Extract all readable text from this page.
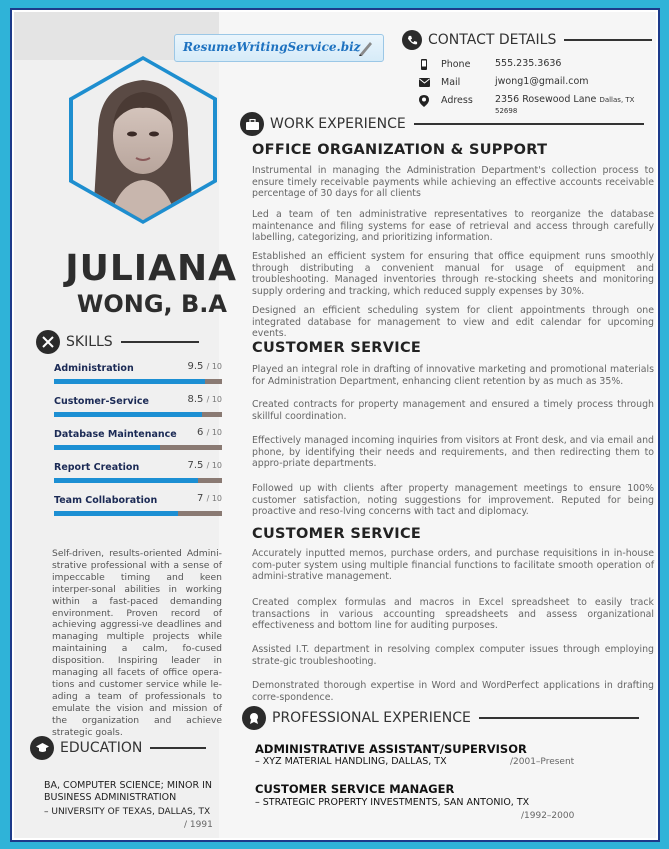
ResumeWritingService.biz
JULIANA
WONG, B.A
CONTACT DETAILS
Phone	555.235.3636
Mail	jwong1@gmail.com
Adress 2356 Rosewood Lane Dallas, TX 52698
WORK EXPERIENCE
OFFICE ORGANIZATION & SUPPORT
Instrumental in managing the Administration Department's collection process to ensure timely receivable payments while achieving an effective accounts receivable percentage of 30 days for all clients
Led a team of ten administrative representatives to reorganize the database maintenance and filing systems for ease of retrieval and access through carefully labelling, categorizing, and prioritizing information.
Established an efficient system for ensuring that office equipment runs smoothly through distributing a convenient manual for usage of equipment and troubleshooting. Managed inventories through re-stocking sheets and monitoring supply ordering and tracking, which reduced supply expenses by 30%.
Designed an efficient scheduling system for client appointments through one integrated database for management to view and edit calendar for upcoming events.
CUSTOMER SERVICE
Played an integral role in drafting of innovative marketing and promotional materials for Administration Department, enhancing client retention by as much as 35%.
Created contracts for property management and ensured a timely process through skillful coordination.
Effectively managed incoming inquiries from visitors at Front desk, and via email and phone, by identifying their needs and requirements, and then redirecting them to appro-priate departments.
Followed up with clients after property management meetings to ensure 100% customer satisfaction, noting suggestions for improvement. Reputed for being proactive and reso-lving concerns with tact and diplomacy.
CUSTOMER SERVICE
Accurately inputted memos, purchase orders, and purchase requisitions in in-house com-puter system using multiple financial functions to facilitate smooth operation of admini-strative management.
Created complex formulas and macros in Excel spreadsheet to easily track transactions in various accounting spreadsheets and assess organizational effectiveness and bottom line for auditing purposes.
Assisted I.T. department in resolving complex computer issues through employing strate-gic troubleshooting.
Demonstrated thorough expertise in Word and WordPerfect applications in drafting corre-spondence.
PROFESSIONAL EXPERIENCE
ADMINISTRATIVE ASSISTANT/SUPERVISOR
– XYZ MATERIAL HANDLING, DALLAS, TX	/2001–Present
CUSTOMER SERVICE MANAGER
– STRATEGIC PROPERTY INVESTMENTS, SAN ANTONIO, TX
/1992–2000
SKILLS
Administration	9.5 / 10
Customer-Service	8.5 / 10
Database Maintenance	6 / 10
Report Creation	7.5 / 10
Team Collaboration	7 / 10
Self-driven, results-oriented Admini-strative professional with a sense of impeccable timing and keen interper-sonal abilities in working within a fast-paced demanding environment. Proven record of achieving aggressi-ve deadlines and managing multiple projects while maintaining a calm, fo-cused disposition. Inspiring leader in managing all facets of office opera-tions and customer service while le-ading a team of professionals to emulate the vision and mission of the organization and achieve strategic goals.
EDUCATION
BA, COMPUTER SCIENCE; MINOR IN BUSINESS ADMINISTRATION
– UNIVERSITY OF TEXAS, DALLAS, TX
/ 1991
